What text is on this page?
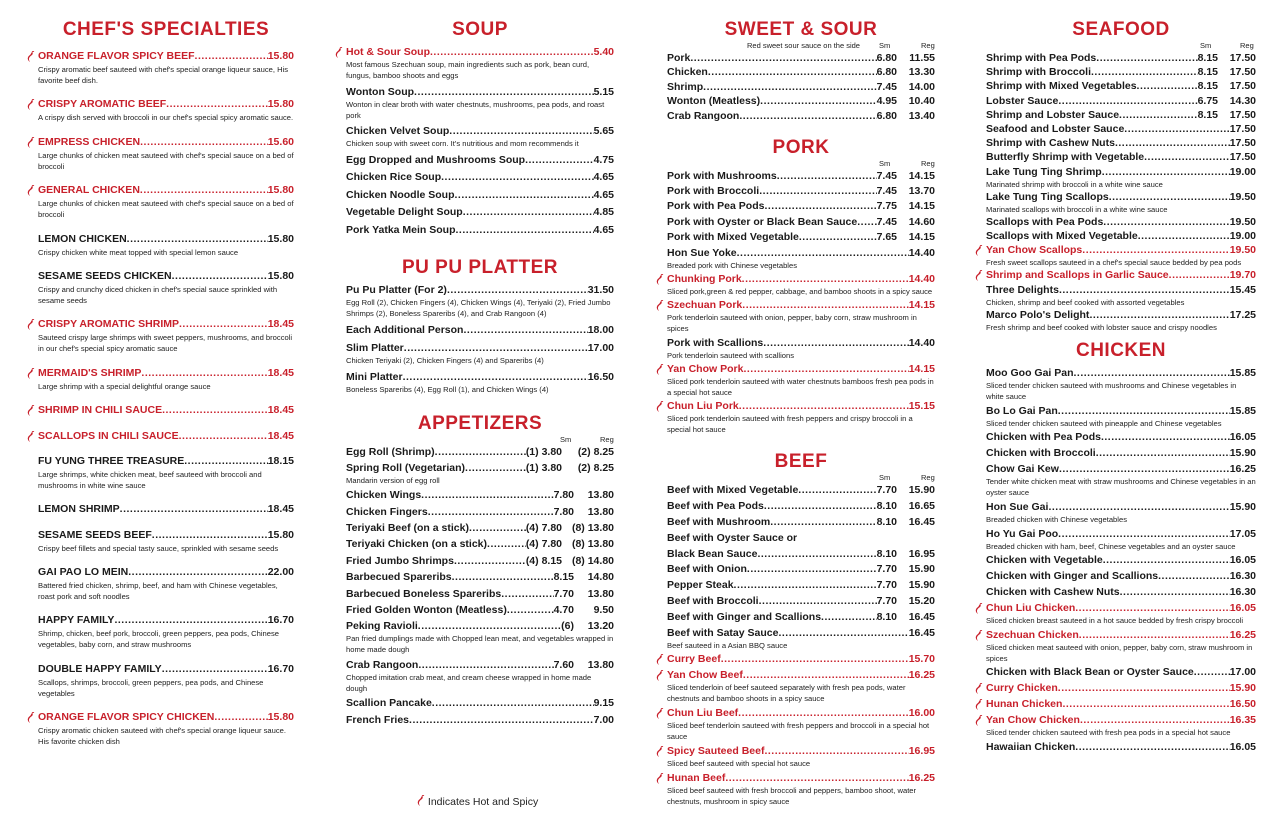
CHEF'S SPECIALTIES
ORANGE FLAVOR SPICY BEEF .....	15.80
Crispy aromatic beef sauteed with chef's special orange liqueur sauce, His favorite beef dish.
CRISPY AROMATIC BEEF .....	15.80
A crispy dish served with broccoli in our chef's special spicy aromatic sauce.
EMPRESS CHICKEN .....	15.60
Large chunks of chicken meat sauteed with chef's special sauce on a bed of broccoli
GENERAL CHICKEN .....	15.80
Large chunks of chicken meat sauteed with chef's special sauce on a bed of broccoli
LEMON CHICKEN .....	15.80
Crispy chicken white meat topped with special lemon sauce
SESAME SEEDS CHICKEN .....	15.80
Crispy and crunchy diced chicken in chef's special sauce sprinkled with sesame seeds
CRISPY AROMATIC SHRIMP .....	18.45
Sauteed crispy large shrimps with sweet peppers, mushrooms, and broccoli in our chef's special spicy aromatic sauce
MERMAID'S SHRIMP .....	18.45
Large shrimp with a special delightful orange sauce
SHRIMP IN CHILI SAUCE .....	18.45
SCALLOPS IN CHILI SAUCE .....	18.45
FU YUNG THREE TREASURE .....	18.15
Large shrimps, white chicken meat, beef sauteed with broccoli and mushrooms in white wine sauce
LEMON SHRIMP .....	18.45
SESAME SEEDS BEEF .....	15.80
Crispy beef fillets and special tasty sauce, sprinkled with sesame seeds
GAI PAO LO MEIN .....	22.00
Battered fried chicken, shrimp, beef, and ham with Chinese vegetables, roast pork and soft noodles
HAPPY FAMILY .....	16.70
Shrimp, chicken, beef pork, broccoli, green peppers, pea pods, Chinese vegetables, baby corn, and straw mushrooms
DOUBLE HAPPY FAMILY .....	16.70
Scallops, shrimps, broccoli, green peppers, pea pods, and Chinese vegetables
ORANGE FLAVOR SPICY CHICKEN .....	15.80
Crispy aromatic chicken sauteed with chef's special orange liqueur sauce. His favorite chicken dish
SOUP
Hot & Sour Soup .....	5.40
Most famous Szechuan soup, main ingredients such as pork, bean curd, fungus, bamboo shoots and eggs
Wonton Soup .....	5.15
Wonton in clear broth with water chestnuts, mushrooms, pea pods, and roast pork
Chicken Velvet Soup .....	5.65
Chicken soup with sweet corn. It's nutritious and mom recommends it
Egg Dropped and Mushrooms Soup .....	4.75
Chicken Rice Soup .....	4.65
Chicken Noodle Soup .....	4.65
Vegetable Delight Soup .....	4.85
Pork Yatka Mein Soup .....	4.65
PU PU PLATTER
Pu Pu Platter (For 2) .....	31.50
Egg Roll (2), Chicken Fingers (4), Chicken Wings (4), Teriyaki (2), Fried Jumbo Shrimps (2), Boneless Spareribs (4), and Crab Rangoon (4)
Each Additional Person .....	18.00
Slim Platter .....	17.00
Chicken Teriyaki (2), Chicken Fingers (4) and Spareribs (4)
Mini Platter .....	16.50
Boneless Spareribs (4), Egg Roll (1), and Chicken Wings (4)
APPETIZERS
Sm	Reg
Egg Roll (Shrimp) .....	(1) 3.80	(2) 8.25
Spring Roll (Vegetarian) .....	(1) 3.80	(2) 8.25
Mandarin version of egg roll
Chicken Wings .....	7.80	13.80
Chicken Fingers .....	7.80	13.80
Teriyaki Beef (on a stick) .....	(4) 7.80 (8) 13.80
Teriyaki Chicken (on a stick) .....	(4) 7.80 (8) 13.80
Fried Jumbo Shrimps .....	(4) 8.15 (8) 14.80
Barbecued Spareribs .....	8.15	14.80
Barbecued Boneless Spareribs .....	7.70	13.80
Fried Golden Wonton (Meatless) .....	4.70	9.50
Peking Ravioli .....	(6)	13.20
Pan fried dumplings made with Chopped lean meat, and vegetables wrapped in home made dough
Crab Rangoon .....	7.60	13.80
Chopped imitation crab meat, and cream cheese wrapped in home made dough
Scallion Pancake .....	9.15
French Fries .....	7.00
SWEET & SOUR
Red sweet sour sauce on the side	Sm	Reg
Pork .....	6.80	11.55
Chicken .....	6.80	13.30
Shrimp .....	7.45	14.00
Wonton (Meatless) .....	4.95	10.40
Crab Rangoon .....	6.80	13.40
PORK
Sm	Reg
Pork with Mushrooms .....	7.45	14.15
Pork with Broccoli .....	7.45	13.70
Pork with Pea Pods .....	7.75	14.15
Pork with Oyster or Black Bean Sauce ..... 7.45	14.60
Pork with Mixed Vegetable .....	7.65	14.15
Hon Sue Yoke .....	14.40
Breaded pork with Chinese vegetables
Chunking Pork .....	14.40
Sliced pork,green & red pepper, cabbage, and bamboo shoots in a spicy sauce
Szechuan Pork .....	14.15
Pork tenderloin sauteed with onion, pepper, baby corn, straw mushroom in spices
Pork with Scallions .....	14.40
Pork tenderloin sauteed with scallions
Yan Chow Pork .....	14.15
Sliced pork tenderloin sauteed with water chestnuts bamboos fresh pea pods in a special hot sauce
Chun Liu Pork .....	15.15
Sliced pork tenderloin sauteed with fresh peppers and crispy broccoli in a special hot sauce
BEEF
Sm	Reg
Beef with Mixed Vegetable .....	7.70	15.90
Beef with Pea Pods .....	8.10	16.65
Beef with Mushroom .....	8.10	16.45
Beef with Oyster Sauce or
Black Bean Sauce .....	8.10	16.95
Beef with Onion .....	7.70	15.90
Pepper Steak .....	7.70	15.90
Beef with Broccoli .....	7.70	15.20
Beef with Ginger and Scallions .....	8.10	16.45
Beef with Satay Sauce .....	16.45
Beef sauteed in a Asian BBQ sauce
Curry Beef .....	15.70
Yan Chow Beef .....	16.25
Sliced tenderloin of beef sauteed separately with fresh pea pods, water chestnuts and bamboo shoots in a spicy sauce
Chun Liu Beef .....	16.00
Sliced beef tenderloin sauteed with fresh peppers and broccoli in a special hot sauce
Spicy Sauteed Beef .....	16.95
Sliced beef sauteed with special hot sauce
Hunan Beef .....	16.25
Sliced beef sauteed with fresh broccoli and peppers, bamboo shoot, water chestnuts, mushroom in spicy sauce
SEAFOOD
Sm	Reg
Shrimp with Pea Pods .....	8.15	17.50
Shrimp with Broccoli .....	8.15	17.50
Shrimp with Mixed Vegetables .....	8.15	17.50
Lobster Sauce .....	6.75	14.30
Shrimp and Lobster Sauce .....	8.15	17.50
Seafood and Lobster Sauce .....	17.50
Shrimp with Cashew Nuts .....	17.50
Butterfly Shrimp with Vegetable .....	17.50
Lake Tung Ting Shrimp .....	19.00
Marinated shrimp with broccoli in a white wine sauce
Lake Tung Ting Scallops .....	19.50
Marinated scallops with broccoli in a white wine sauce
Scallops with Pea Pods .....	19.50
Scallops with Mixed Vegetable .....	19.00
Yan Chow Scallops .....	19.50
Fresh sweet scallops sauteed in a chef's special sauce bedded by pea pods
Shrimp and Scallops in Garlic Sauce .....	19.70
Three Delights .....	15.45
Chicken, shrimp and beef cooked with assorted vegetables
Marco Polo's Delight .....	17.25
Fresh shrimp and beef cooked with lobster sauce and crispy noodles
CHICKEN
Moo Goo Gai Pan .....	15.85
Sliced tender chicken sauteed with mushrooms and Chinese vegetables in white sauce
Bo Lo Gai Pan .....	15.85
Sliced tender chicken sauteed with pineapple and Chinese vegetables
Chicken with Pea Pods .....	16.05
Chicken with Broccoli .....	15.90
Chow Gai Kew .....	16.25
Tender white chicken meat with straw mushrooms and Chinese vegetables in an oyster sauce
Hon Sue Gai .....	15.90
Breaded chicken with Chinese vegetables
Ho Yu Gai Poo .....	17.05
Breaded chicken with ham, beef, Chinese vegetables and an oyster sauce
Chicken with Vegetable .....	16.05
Chicken with Ginger and Scallions .....	16.30
Chicken with Cashew Nuts .....	16.30
Chun Liu Chicken .....	16.05
Sliced chicken breast sauteed in a hot sauce bedded by fresh crispy broccoli
Szechuan Chicken .....	16.25
Sliced chicken meat sauteed with onion, pepper, baby corn, straw mushroom in spices
Chicken with Black Bean or Oyster Sauce .....	17.00
Curry Chicken .....	15.90
Hunan Chicken .....	16.50
Yan Chow Chicken .....	16.35
Sliced tender chicken sauteed with fresh pea pods in a special hot sauce
Hawaiian Chicken .....	16.05
Indicates Hot and Spicy
